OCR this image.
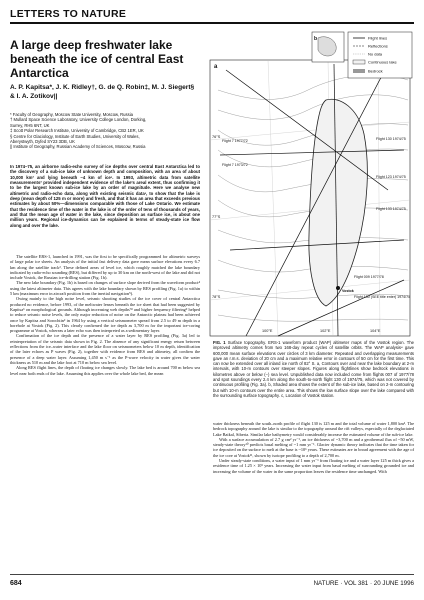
LETTERS TO NATURE
A large deep freshwater lake beneath the ice of central East Antarctica
A. P. Kapitsa*, J. K. Ridley†, G. de Q. Robin‡, M. J. Siegert§ & I. A. Zotikov||
* Faculty of Geography, Moscow State University, Moscow, Russia
† Mullard Space Science Laboratory, University College London, Dorking,
Surrey, RH5 6NT, UK
‡ Scott Polar Research Institute, University of Cambridge, CB2 1ER, UK
§ Centre for Glaciology, Institute of Earth Studies, University of Wales,
Aberystwyth, Dyfed SY23 3DB, UK
|| Institute of Geography, Russian Academy of Sciences, Moscow, Russia
In 1974–75, an airborne radio-echo survey of ice depths over central East Antarctica led to the discovery of a sub-ice lake of unknown depth and composition, with an area of about 10,000 km² and lying beneath ~4 km of ice¹. In 1993, altimetric data from satellite measurements² provided independent evidence of the lake's areal extent, thus confirming it to be the largest known sub-ice lake by an order of magnitude. Here we analyse new altimetric and radio-echo data, along with existing seismic data³, to show that the lake is deep (mean depth of 125 m or more) and fresh, and that it has an area that exceeds previous estimates by about 50%—dimensions comparable with those of Lake Ontario. We estimate that the residence time of the water in the lake is of the order of tens of thousands of years, and that the mean age of water in the lake, since deposition as surface ice, is about one million years. Regional ice-dynamics can be explained in terms of steady-state ice flow along and over the lake.

The satellite ERS-1, launched in 1991, was the first to be specifically programmed for altimetric surveys of large polar ice sheets. An analysis of the initial fast delivery data gave mean surface elevations every 6.7 km along the satellite track². These defined areas of level ice, which roughly matched the lake boundary indicated by radio-echo sounding (RES), but differed by up to 30 km on the north-west of the lake and did not include Vostok, the Russian ice-drilling station (Fig. 1b).

The new lake boundary (Fig. 1b) is based on changes of surface slope derived from the waveform product⁴ using the latest altimeter data. This agrees with the lake boundary shown by RES profiling (Fig. 1a) to within 5 km (maximum error in aircraft position from the inertial navigation⁵).

Owing mainly to the high noise level, seismic shooting studies of the ice cover of central Antarctica produced no evidence, before 1993, of the meltwater lenses beneath the ice sheet that had been suggested by Kapitsa⁶ on morphological grounds. Although increasing web depths⁷⁸ and higher frequency filtering⁹ helped to reduce seismic noise levels, the only major reduction of noise on the Antarctic plateau had been achieved once by Kapitsa and Sorochtin³ in 1964 by using a vertical seismometer spread from 2.5 to 49 m depth in a borehole at Vostok (Fig. 2). This clearly confirmed the ice depth as 3,700 m for the important ice-coring programme at Vostok, whereas a later echo was then interpreted as a sedimentary layer.

Confirmation of the ice depth and the presence of a water layer by RES profiling (Fig. 3a) led to reinterpretation of the seismic data shown in Fig. 2. The absence of any significant energy return between reflections from the ice–water interface and the lake floor on seismometers below 10 m depth, identification of the later echoes as P waves (Fig. 2), together with evidence from RES and altimetry, all confirm the presence of a deep water layer. Assuming 1,450 m s⁻¹ as the P-wave velocity in water gives the water thickness as 510 m and the lake foot at 710 m below sea level.

Along RES flight lines, the depth of floating ice changes slowly. The lake bed is around 700 m below sea level near both ends of the lake. Assuming this applies over the whole lake bed, the mean

Flight lines
Reflections
No data
Continuous lake
Bedrock
Flight 7 1977/72
Flight 7 1973/72
Flight 130 1974/75
Flight 123 1974/75
Flight 133 1974/75
Flight 009 1977/78
Flight 130 (SEE title enter) 1974/75
Vostok
100°E	102°E	104°E
76°S
77°S
78°S
a
b
FIG. 1 Surface topography. ERS-1 waveform product (WAP) altimeter maps of the Vostok region. The improved altimetry comes from two 168-day repeat cycles of satellite orbits. The WAP analysis⁴ gave 600,000 mean surface elevations over circles of 3 km diameter. Repeated and overlapping measurements gave an r.m.s. deviation of 20 cm and a maximum relative error in contours of 50 cm for the first time. This can now be extended over all inland ice north of 82° S. a, Contours over and near the lake boundary at 2-m intervals, with 10-m contours over steeper slopes. Figures along flightlines show bedrock elevations in kilometres above or below (−) sea level. Unpublished data now included come from flights 007 of 1977/78 and spot soundings every 2.4 km along the south-to-north flight 130 of 1974/75, which was not covered by continuous profiling (Fig. 3a). b, Shaded area shows the extent of the sub-ice lake, based on 2-m contouring but with 10-m contours over the entire area. This shows the low surface slope over the lake compared with the surrounding surface topography. c, Location of Vostok station.

water thickness beneath the south–north profile of flight 130 is 125 m and the total volume of water 1,800 km³. The bedrock topography around the lake is similar to the topography around the rift valleys, especially of the deglaciated Lake Baikal, Siberia. Similar lake bathymetry would considerably increase the estimated volume of the sub-ice lake.

With a surface accumulation of 2.7 g cm² yr⁻¹, an ice thickness of ~3,700 m and a geothermal flux of ~50 mW, steady-state theory¹⁰ predicts basal melting of ~1 mm yr⁻¹. Glacier dynamic theory indicates that the time taken for ice deposited on the surface to melt at the base is ~10⁶ years. These estimates are in broad agreement with the age of the ice core at Vostok¹¹, shown by isotope profiling to a depth of 2,700 m.

Under steady-state conditions, a water input of 1 mm yr⁻¹ from floating ice and a water layer 125 m thick gives a residence time of 1.25 × 10⁵ years. Increasing the water input from basal melting of surrounding grounded ice and increasing the volume of the water in the same proportion leaves the residence time unchanged. With

684	NATURE · VOL 381 · 20 JUNE 1996
